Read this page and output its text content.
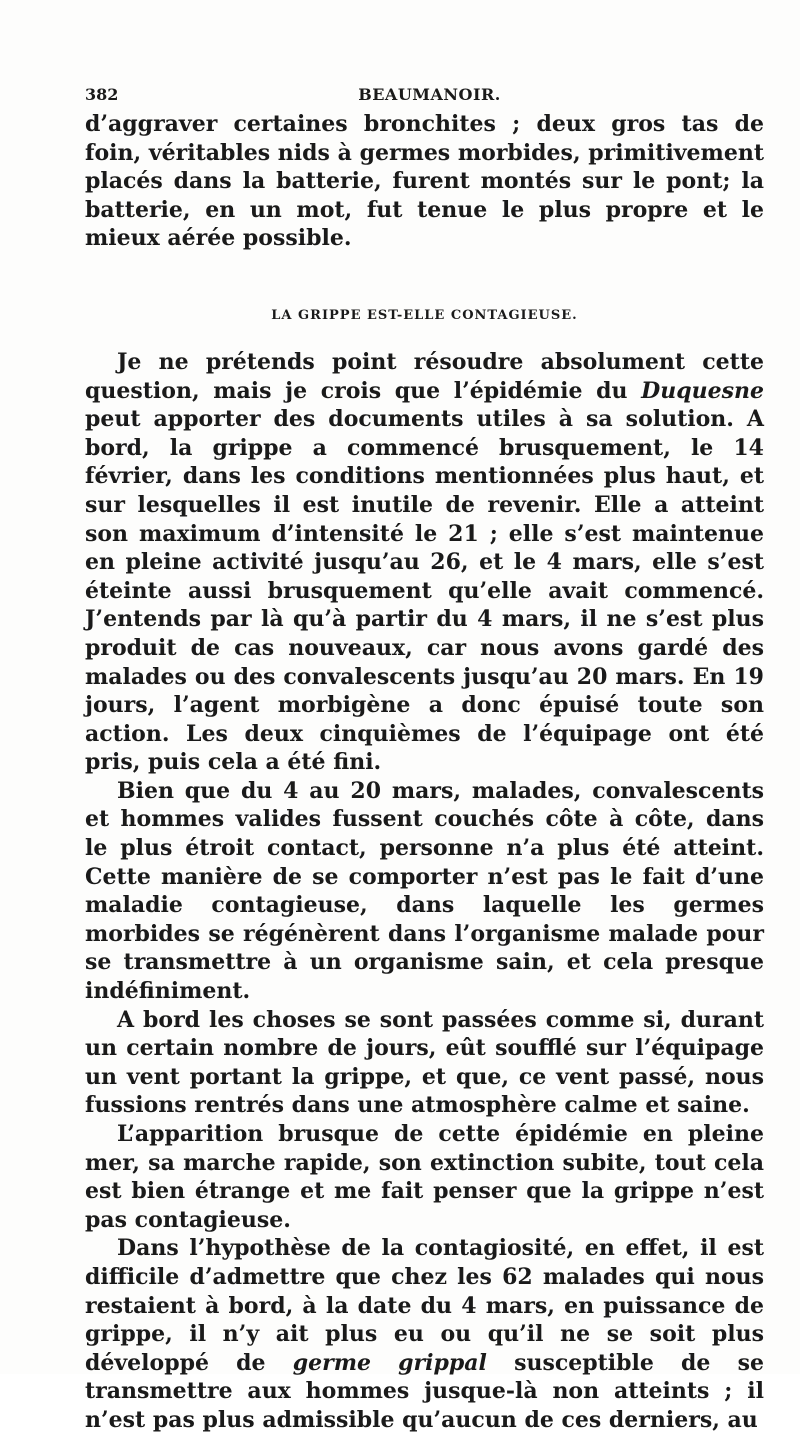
382	BEAUMANOIR.

d’aggraver certaines bronchites ; deux gros tas de foin, véritables nids à germes morbides, primitivement placés dans la batterie, furent montés sur le pont; la batterie, en un mot, fut tenue le plus propre et le mieux aérée possible.

LA GRIPPE EST-ELLE CONTAGIEUSE.

Je ne prétends point résoudre absolument cette question, mais je crois que l’épidémie du Duquesne peut apporter des documents utiles à sa solution. A bord, la grippe a commencé brusquement, le 14 février, dans les conditions mentionnées plus haut, et sur lesquelles il est inutile de revenir. Elle a atteint son maximum d’intensité le 21 ; elle s’est maintenue en pleine activité jusqu’au 26, et le 4 mars, elle s’est éteinte aussi brusquement qu’elle avait commencé. J’entends par là qu’à partir du 4 mars, il ne s’est plus produit de cas nouveaux, car nous avons gardé des malades ou des convalescents jusqu’au 20 mars. En 19 jours, l’agent morbigène a donc épuisé toute son action. Les deux cinquièmes de l’équipage ont été pris, puis cela a été fini.

Bien que du 4 au 20 mars, malades, convalescents et hommes valides fussent couchés côte à côte, dans le plus étroit contact, personne n’a plus été atteint. Cette manière de se comporter n’est pas le fait d’une maladie contagieuse, dans laquelle les germes morbides se régénèrent dans l’organisme malade pour se transmettre à un organisme sain, et cela presque indéfiniment.

A bord les choses se sont passées comme si, durant un certain nombre de jours, eût soufflé sur l’équipage un vent portant la grippe, et que, ce vent passé, nous fussions rentrés dans une atmosphère calme et saine.

L’apparition brusque de cette épidémie en pleine mer, sa marche rapide, son extinction subite, tout cela est bien étrange et me fait penser que la grippe n’est pas contagieuse.

Dans l’hypothèse de la contagiosité, en effet, il est difficile d’admettre que chez les 62 malades qui nous restaient à bord, à la date du 4 mars, en puissance de grippe, il n’y ait plus eu ou qu’il ne se soit plus développé de germe grippal susceptible de se transmettre aux hommes jusque-là non atteints ; il n’est pas plus admissible qu’aucun de ces derniers, au
